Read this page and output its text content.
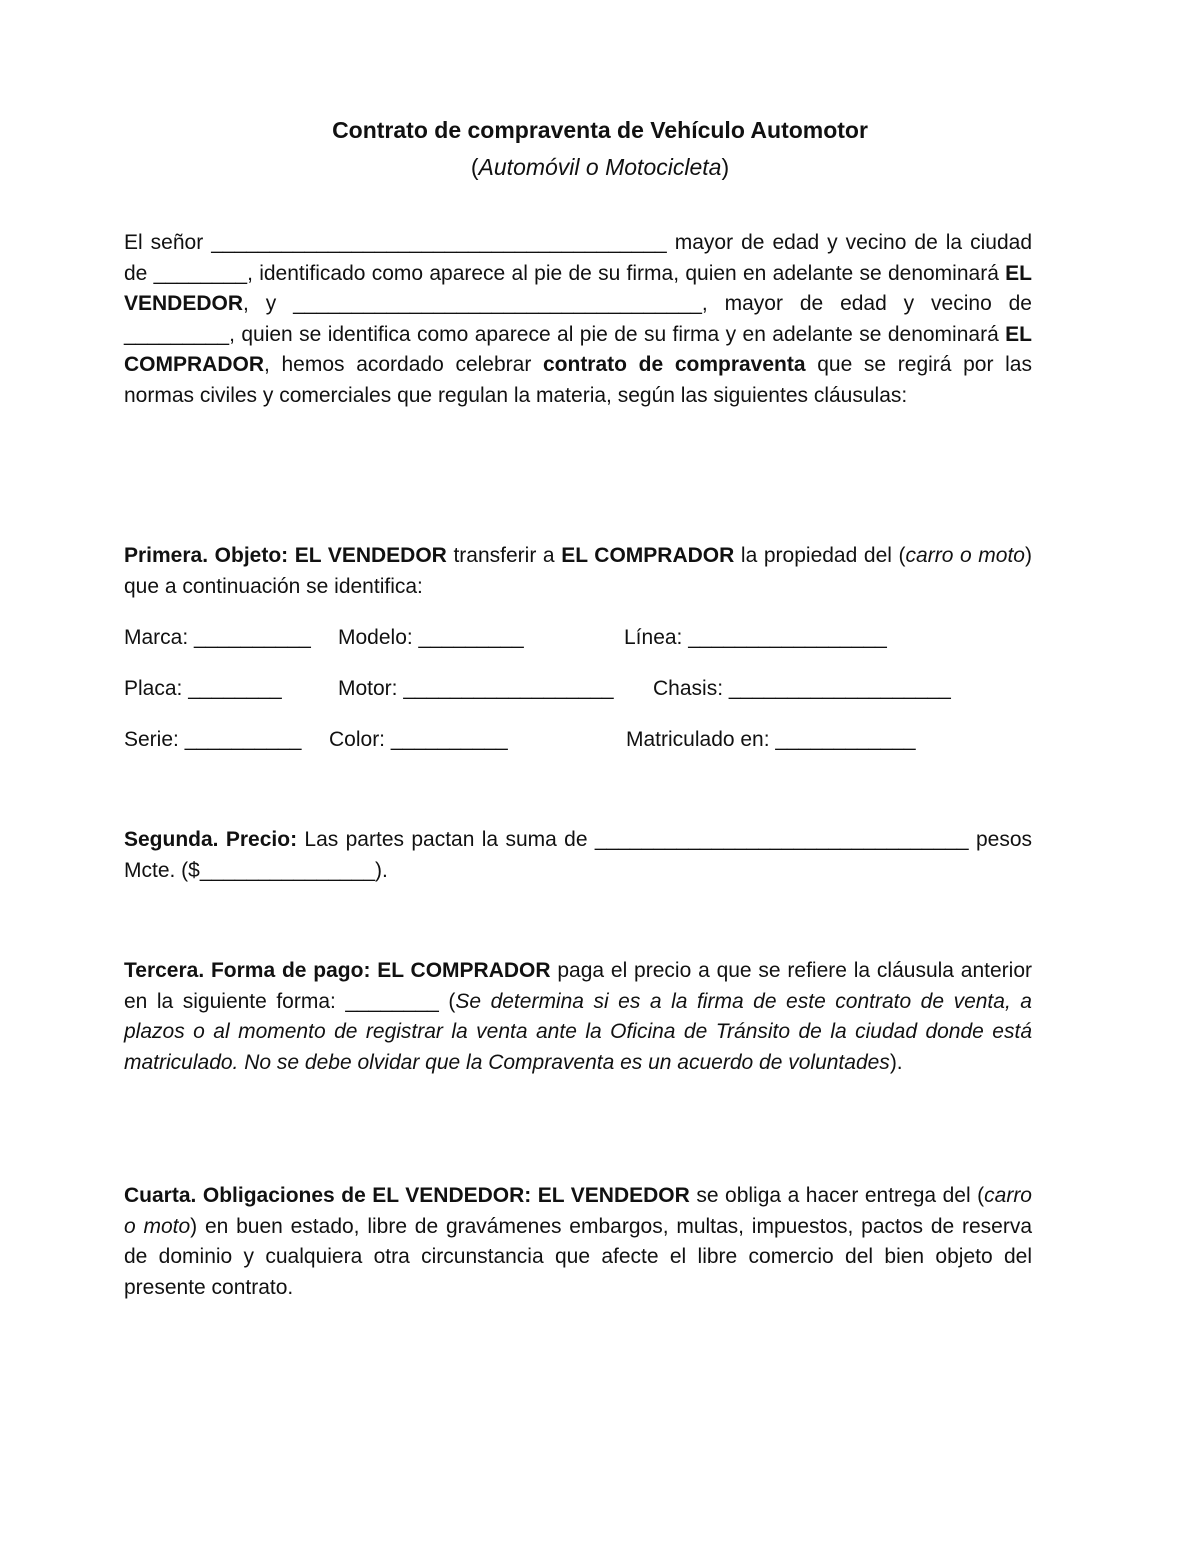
Contrato de compraventa de Vehículo Automotor
(Automóvil o Motocicleta)
El señor _______________________________________ mayor de edad y vecino de la ciudad de ________, identificado como aparece al pie de su firma, quien en adelante se denominará EL VENDEDOR, y ___________________________________, mayor de edad y vecino de _________, quien se identifica como aparece al pie de su firma y en adelante se denominará EL COMPRADOR, hemos acordado celebrar contrato de compraventa que se regirá por las normas civiles y comerciales que regulan la materia, según las siguientes cláusulas:
Primera. Objeto: EL VENDEDOR transferir a EL COMPRADOR la propiedad del (carro o moto) que a continuación se identifica:
Marca: __________ Modelo: _________	Línea: _________________
Placa: ________	Motor: __________________ Chasis: ___________________
Serie: __________ Color: __________	Matriculado en: ____________
Segunda. Precio: Las partes pactan la suma de ________________________________ pesos Mcte. ($_______________).
Tercera. Forma de pago: EL COMPRADOR paga el precio a que se refiere la cláusula anterior en la siguiente forma: ________ (Se determina si es a la firma de este contrato de venta, a plazos o al momento de registrar la venta ante la Oficina de Tránsito de la ciudad donde está matriculado. No se debe olvidar que la Compraventa es un acuerdo de voluntades).
Cuarta. Obligaciones de EL VENDEDOR: EL VENDEDOR se obliga a hacer entrega del (carro o moto) en buen estado, libre de gravámenes embargos, multas, impuestos, pactos de reserva de dominio y cualquiera otra circunstancia que afecte el libre comercio del bien objeto del presente contrato.
